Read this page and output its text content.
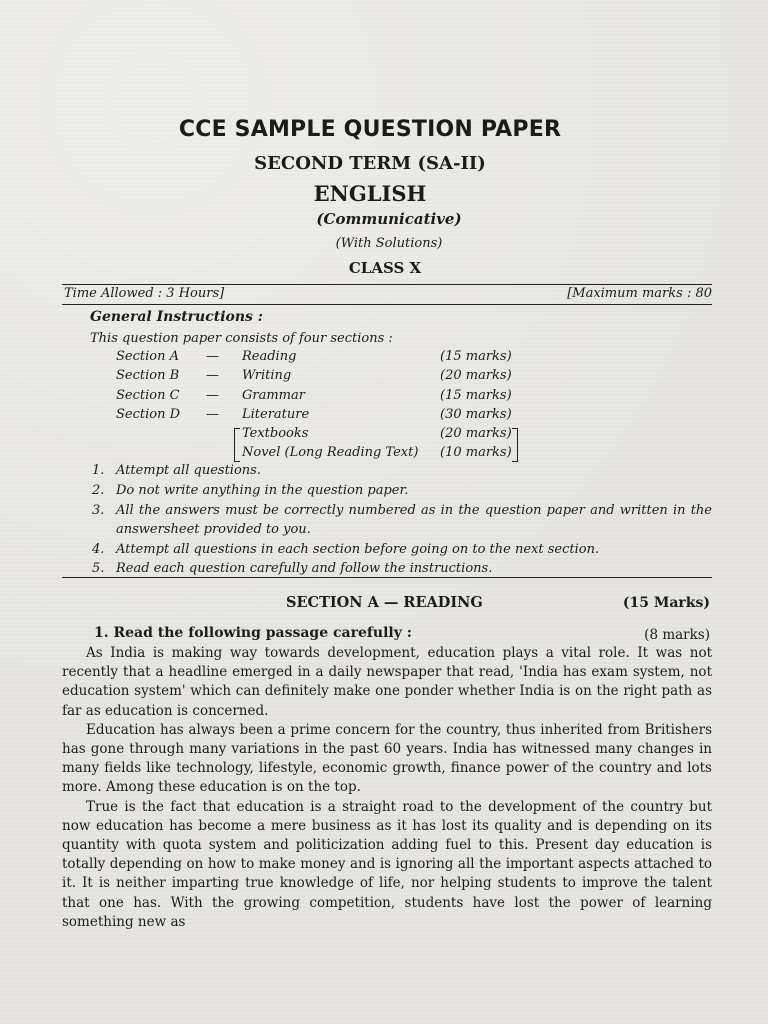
CCE SAMPLE QUESTION PAPER
SECOND TERM (SA-II)
ENGLISH
(Communicative)
(With Solutions)
CLASS X
Time Allowed : 3 Hours]	[Maximum marks : 80
General Instructions :
This question paper consists of four sections :
Section A — Reading	(15 marks)
Section B — Writing	(20 marks)
Section C — Grammar	(15 marks)
Section D — Literature	(30 marks)
Textbooks	(20 marks)
Novel (Long Reading Text) (10 marks)
1. Attempt all questions.
2. Do not write anything in the question paper.
3. All the answers must be correctly numbered as in the question paper and written in the answersheet provided to you.
4. Attempt all questions in each section before going on to the next section.
5. Read each question carefully and follow the instructions.
SECTION A — READING	(15 Marks)
1. Read the following passage carefully :	(8 marks)

As India is making way towards development, education plays a vital role. It was not recently that a headline emerged in a daily newspaper that read, 'India has exam system, not education system' which can definitely make one ponder whether India is on the right path as far as education is concerned.

Education has always been a prime concern for the country, thus inherited from Britishers has gone through many variations in the past 60 years. India has witnessed many changes in many fields like technology, lifestyle, economic growth, finance power of the country and lots more. Among these education is on the top.

True is the fact that education is a straight road to the development of the country but now education has become a mere business as it has lost its quality and is depending on its quantity with quota system and politicization adding fuel to this. Present day education is totally depending on how to make money and is ignoring all the important aspects attached to it. It is neither imparting true knowledge of life, nor helping students to improve the talent that one has. With the growing competition, students have lost the power of learning something new as
